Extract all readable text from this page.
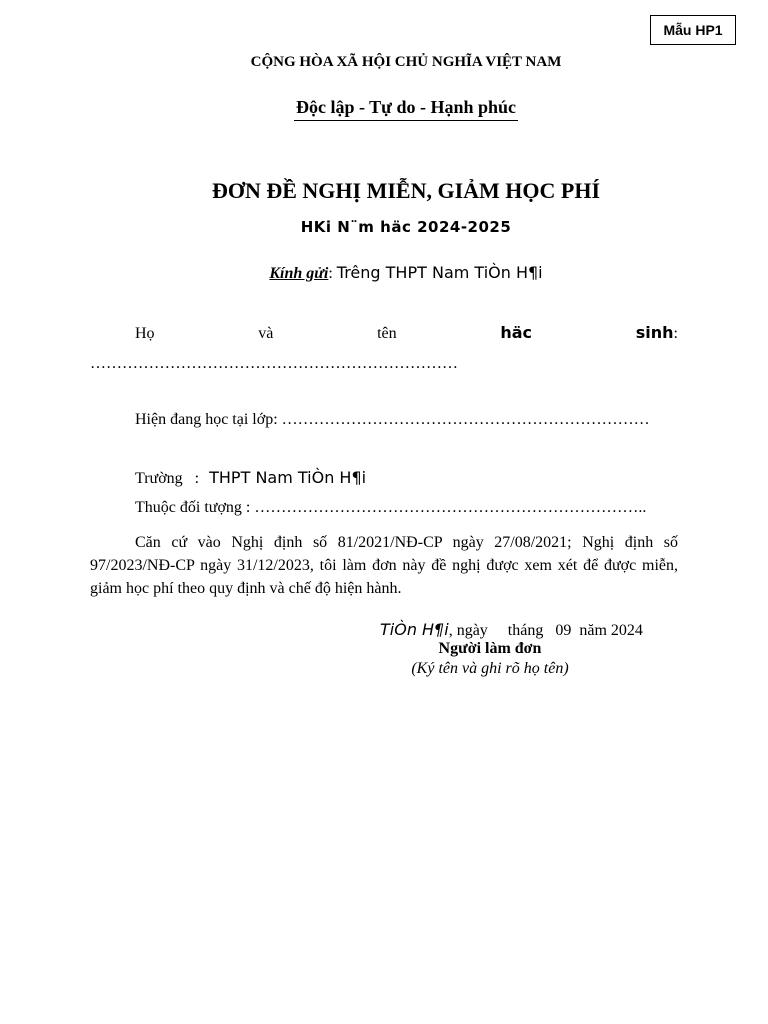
Mẫu HP1
CỘNG HÒA XÃ HỘI CHỦ NGHĨA VIỆT NAM
Độc lập - Tự do - Hạnh phúc
ĐƠN ĐỀ NGHỊ MIỄN, GIẢM HỌC PHÍ
HKi N¨m häc 2024-2025
Kính gửi: Trêng THPT Nam TiÒn H¶i
Họ	và	tên	häc	sinh:
……………………………………………………………
Hiện đang học tại lớp: ……………………………………………………………
Trường : THPT Nam TiÒn H¶i
Thuộc đối tượng : ………………………………………………………………..

Căn cứ vào Nghị định số 81/2021/NĐ-CP ngày 27/08/2021; Nghị định số 97/2023/NĐ-CP ngày 31/12/2023, tôi làm đơn này đề nghị được xem xét để được miễn, giảm học phí theo quy định và chế độ hiện hành.

TiÒn H¶i, ngày     tháng   09  năm 2024
Người làm đơn
(Ký tên và ghi rõ họ tên)
